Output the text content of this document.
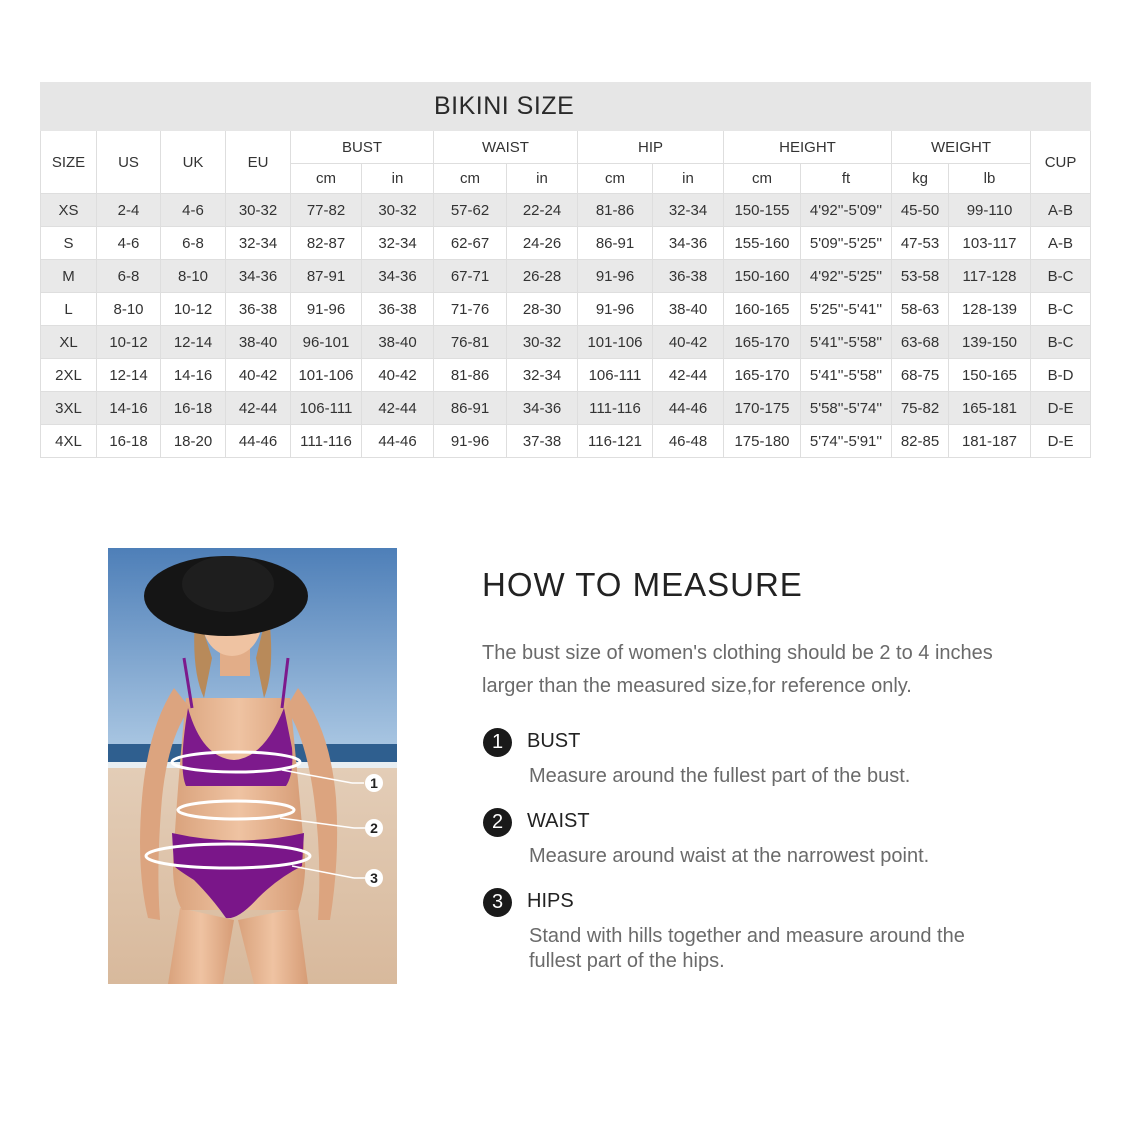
BIKINI SIZE														
SIZE	US	UK	EU	BUST		WAIST		HIP		HEIGHT		WEIGHT		CUP
				cm	in	cm	in	cm	in	cm	ft	kg	lb	
XS	2-4	4-6	30-32	77-82	30-32	57-62	22-24	81-86	32-34	150-155	4'92''-5'09''	45-50	99-110	A-B
S	4-6	6-8	32-34	82-87	32-34	62-67	24-26	86-91	34-36	155-160	5'09''-5'25''	47-53	103-117	A-B
M	6-8	8-10	34-36	87-91	34-36	67-71	26-28	91-96	36-38	150-160	4'92''-5'25''	53-58	117-128	B-C
L	8-10	10-12	36-38	91-96	36-38	71-76	28-30	91-96	38-40	160-165	5'25''-5'41''	58-63	128-139	B-C
XL	10-12	12-14	38-40	96-101	38-40	76-81	30-32	101-106	40-42	165-170	5'41''-5'58''	63-68	139-150	B-C
2XL	12-14	14-16	40-42	101-106	40-42	81-86	32-34	106-111	42-44	165-170	5'41''-5'58''	68-75	150-165	B-D
3XL	14-16	16-18	42-44	106-111	42-44	86-91	34-36	111-116	44-46	170-175	5'58''-5'74''	75-82	165-181	D-E
4XL	16-18	18-20	44-46	111-116	44-46	91-96	37-38	116-121	46-48	175-180	5'74''-5'91''	82-85	181-187	D-E
1
2
3
HOW TO MEASURE

The bust size of women's clothing should be 2 to 4 inches larger than the measured size,for reference only.

1	BUST

Measure around the fullest part of the bust.

2	WAIST

Measure around waist at the narrowest point.

3	HIPS

Stand with hills together and measure around the fullest part of the hips.
